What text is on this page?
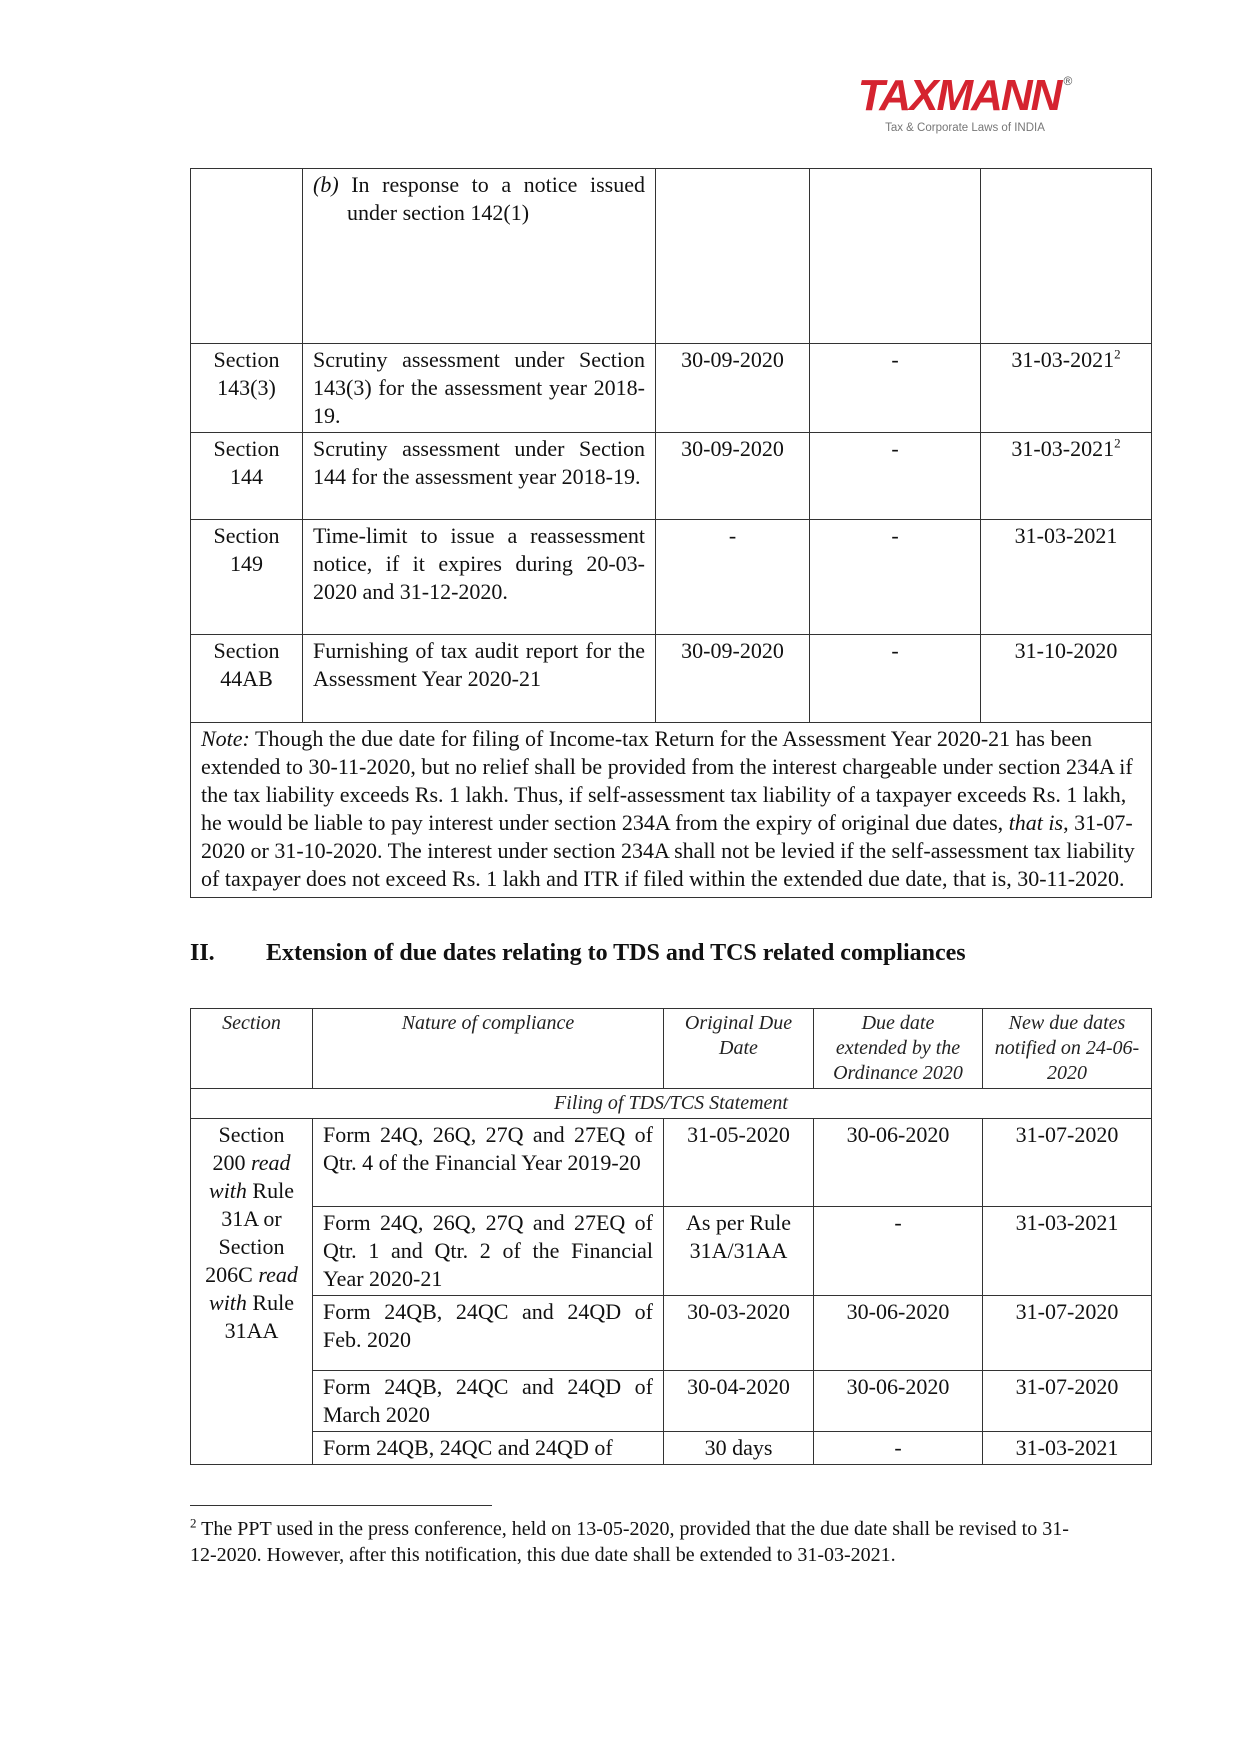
TAXMANN ®
Tax & Corporate Laws of INDIA
	(b) In response to a notice issued under section 142(1)			
Section 143(3)	Scrutiny assessment under Section 143(3) for the assessment year 2018-19.	30-09-2020	-	31-03-2021$^2$
Section 144	Scrutiny assessment under Section 144 for the assessment year 2018-19.	30-09-2020	-	31-03-2021$^2$
Section 149	Time-limit to issue a reassessment notice, if it expires during 20-03-2020 and 31-12-2020.	-	-	31-03-2021
Section 44AB	Furnishing of tax audit report for the Assessment Year 2020-21	30-09-2020	-	31-10-2020
Note: Though the due date for filing of Income-tax Return for the Assessment Year 2020-21 has been extended to 30-11-2020, but no relief shall be provided from the interest chargeable under section 234A if the tax liability exceeds Rs. 1 lakh. Thus, if self-assessment tax liability of a taxpayer exceeds Rs. 1 lakh, he would be liable to pay interest under section 234A from the expiry of original due dates, that is, 31-07-2020 or 31-10-2020. The interest under section 234A shall not be levied if the self-assessment tax liability of taxpayer does not exceed Rs. 1 lakh and ITR if filed within the extended due date, that is, 30-11-2020.				
II. Extension of due dates relating to TDS and TCS related compliances
Section	Nature of compliance	Original Due Date	Due date extended by the Ordinance 2020	New due dates notified on 24-06-2020
Filing of TDS/TCS Statement				
Section 200 read with Rule 31A or Section 206C read with Rule 31AA	Form 24Q, 26Q, 27Q and 27EQ of Qtr. 4 of the Financial Year 2019-20	31-05-2020	30-06-2020	31-07-2020
	Form 24Q, 26Q, 27Q and 27EQ of Qtr. 1 and Qtr. 2 of the Financial Year 2020-21	As per Rule 31A/31AA	-	31-03-2021
	Form 24QB, 24QC and 24QD of Feb. 2020	30-03-2020	30-06-2020	31-07-2020
	Form 24QB, 24QC and 24QD of March 2020	30-04-2020	30-06-2020	31-07-2020
	Form 24QB, 24QC and 24QD of	30 days	-	31-03-2021
$^2$ The PPT used in the press conference, held on 13-05-2020, provided that the due date shall be revised to 31-12-2020. However, after this notification, this due date shall be extended to 31-03-2021.
